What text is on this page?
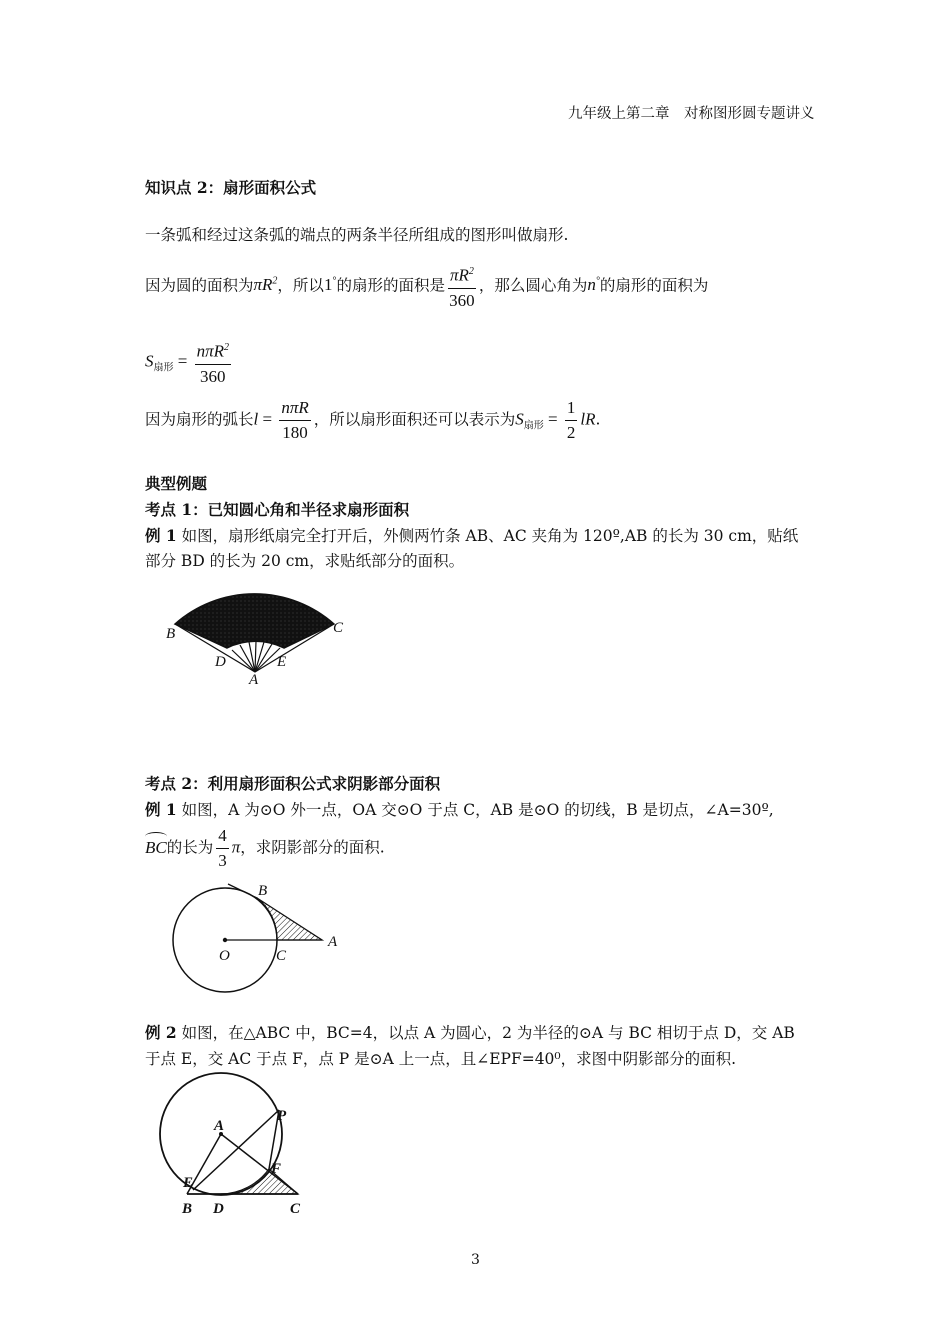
九年级上第二章　对称图形圆专题讲义
知识点 2：扇形面积公式
一条弧和经过这条弧的端点的两条半径所组成的图形叫做扇形.
因为圆的面积为$\pi R^2$，所以1°的扇形的面积是 $\frac{\pi R^2}{360}$ ，那么圆心角为n°的扇形的面积为
$S_{扇形} = \frac{n\pi R^2}{360}$
因为扇形的弧长$l = \frac{\text{nπR}}{180}$ ，所以扇形面积还可以表示为$S_{扇形} = \frac{1}{2}$ lR.
典型例题
考点 1：已知圆心角和半径求扇形面积
例 1 如图，扇形纸扇完全打开后，外侧两竹条 AB、AC 夹角为 120º,AB 的长为 30 cm，贴纸
部分 BD 的长为 20 cm，求贴纸部分的面积。
B	C
D	E
A
考点 2：利用扇形面积公式求阴影部分面积
例 1 如图，A 为⊙O 外一点，OA 交⊙O 于点 C，AB 是⊙O 的切线，B 是切点，∠A=30º,
BC的长为 $\frac{4}{3}$ π，求阴影部分的面积.
B
A
O	C
例 2 如图，在△ABC 中，BC=4，以点 A 为圆心，2 为半径的⊙A 与 BC 相切于点 D，交 AB
于点 E，交 AC 于点 F，点 P 是⊙A 上一点，且∠EPF=40⁰，求图中阴影部分的面积.
A
P
E
F
B D	C
3
